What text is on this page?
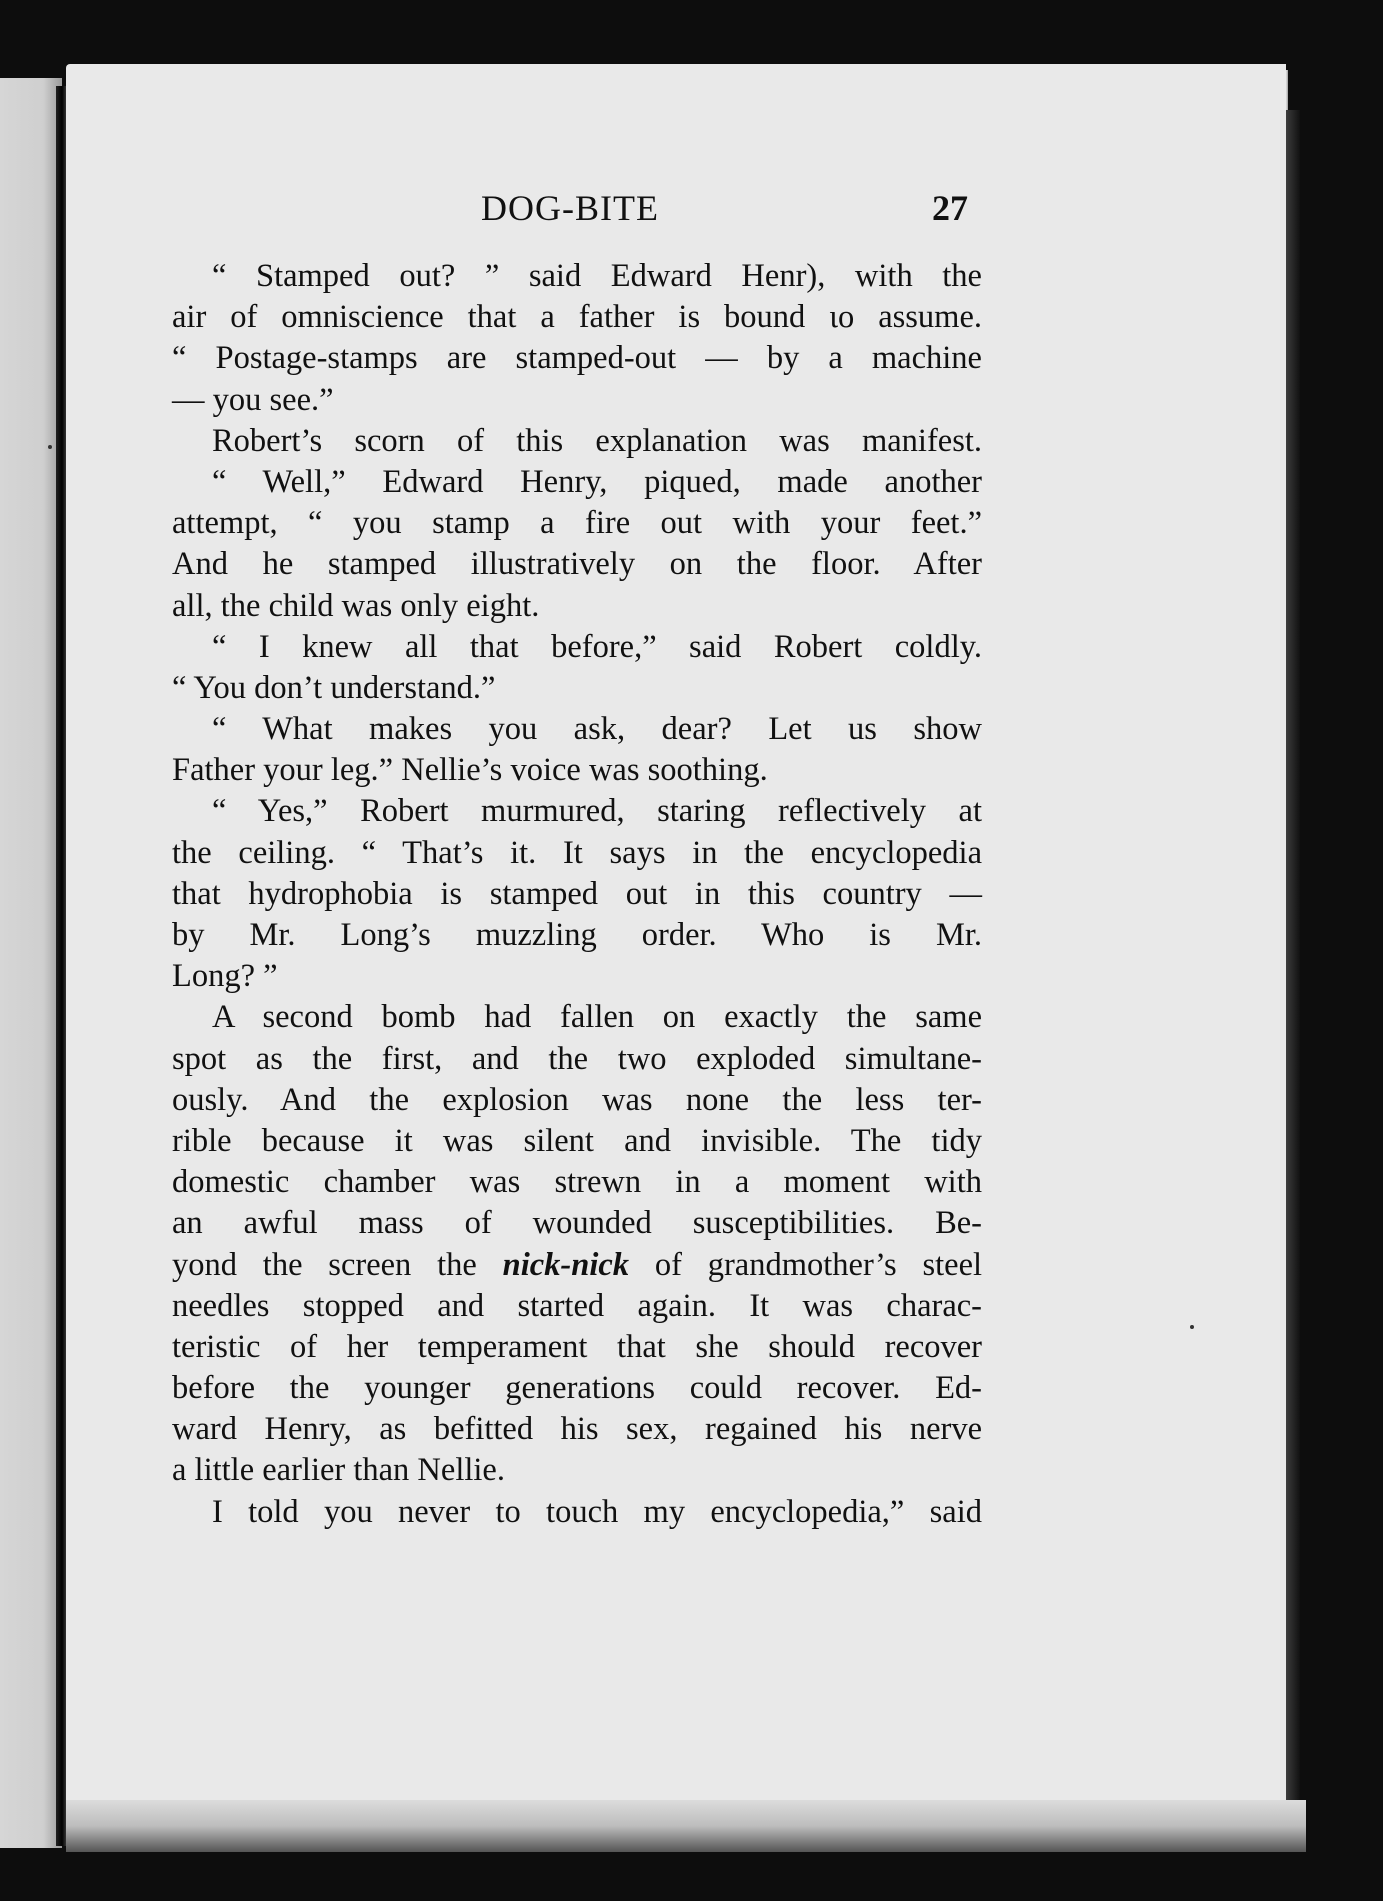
DOG-BITE	27
“ Stamped out? ” said Edward Henr), with the
air of omniscience that a father is bound ιο assume.
“ Postage-stamps are stamped-out — by a machine
— you see.”
Robert’s scorn of this explanation was manifest.
“ Well,” Edward Henry, piqued, made another
attempt, “ you stamp a fire out with your feet.”
And he stamped illustratively on the floor. After
all, the child was only eight.
“ I knew all that before,” said Robert coldly.
“ You don’t understand.”
“ What makes you ask, dear? Let us show
Father your leg.” Nellie’s voice was soothing.
“ Yes,” Robert murmured, staring reflectively at
the ceiling. “ That’s it. It says in the encyclopedia
that hydrophobia is stamped out in this country —
by Mr. Long’s muzzling order. Who is Mr.
Long? ”
A second bomb had fallen on exactly the same
spot as the first, and the two exploded simultane-
ously. And the explosion was none the less ter-
rible because it was silent and invisible. The tidy
domestic chamber was strewn in a moment with
an awful mass of wounded susceptibilities. Be-
yond the screen the nick-nick of grandmother’s steel
needles stopped and started again. It was charac-
teristic of her temperament that she should recover
before the younger generations could recover. Ed-
ward Henry, as befitted his sex, regained his nerve
a little earlier than Nellie.
I told you never to touch my encyclopedia,” said
